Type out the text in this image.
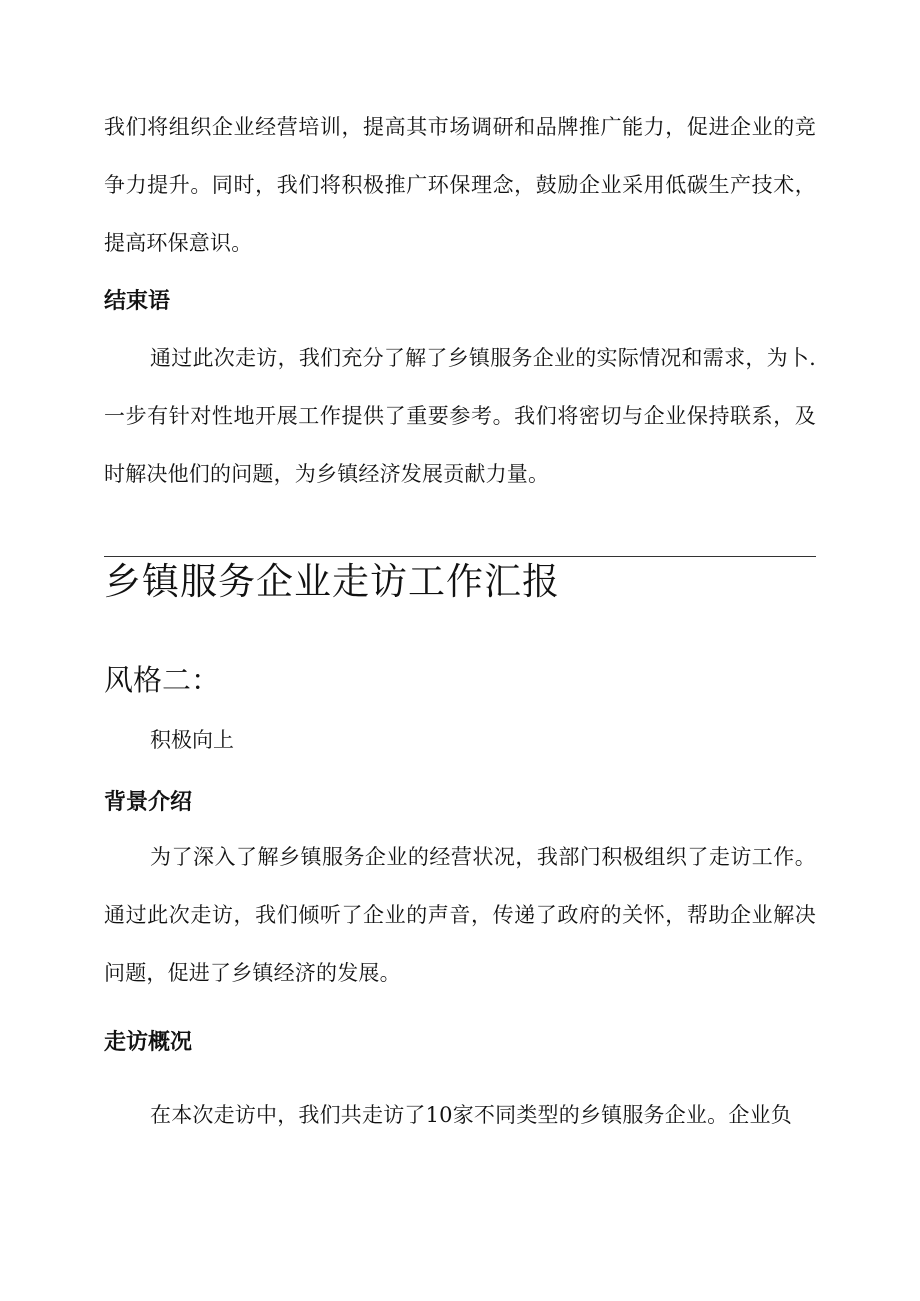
我们将组织企业经营培训，提高其市场调研和品牌推广能力，促进企业的竞争力提升。同时，我们将积极推广环保理念，鼓励企业采用低碳生产技术，提高环保意识。

结束语

通过此次走访，我们充分了解了乡镇服务企业的实际情况和需求，为卜.一步有针对性地开展工作提供了重要参考。我们将密切与企业保持联系，及时解决他们的问题，为乡镇经济发展贡献力量。

乡镇服务企业走访工作汇报
风格二：
积极向上
背景介绍

为了深入了解乡镇服务企业的经营状况，我部门积极组织了走访工作。通过此次走访，我们倾听了企业的声音，传递了政府的关怀，帮助企业解决问题，促进了乡镇经济的发展。

走访概况

在本次走访中，我们共走访了10家不同类型的乡镇服务企业。企业负
